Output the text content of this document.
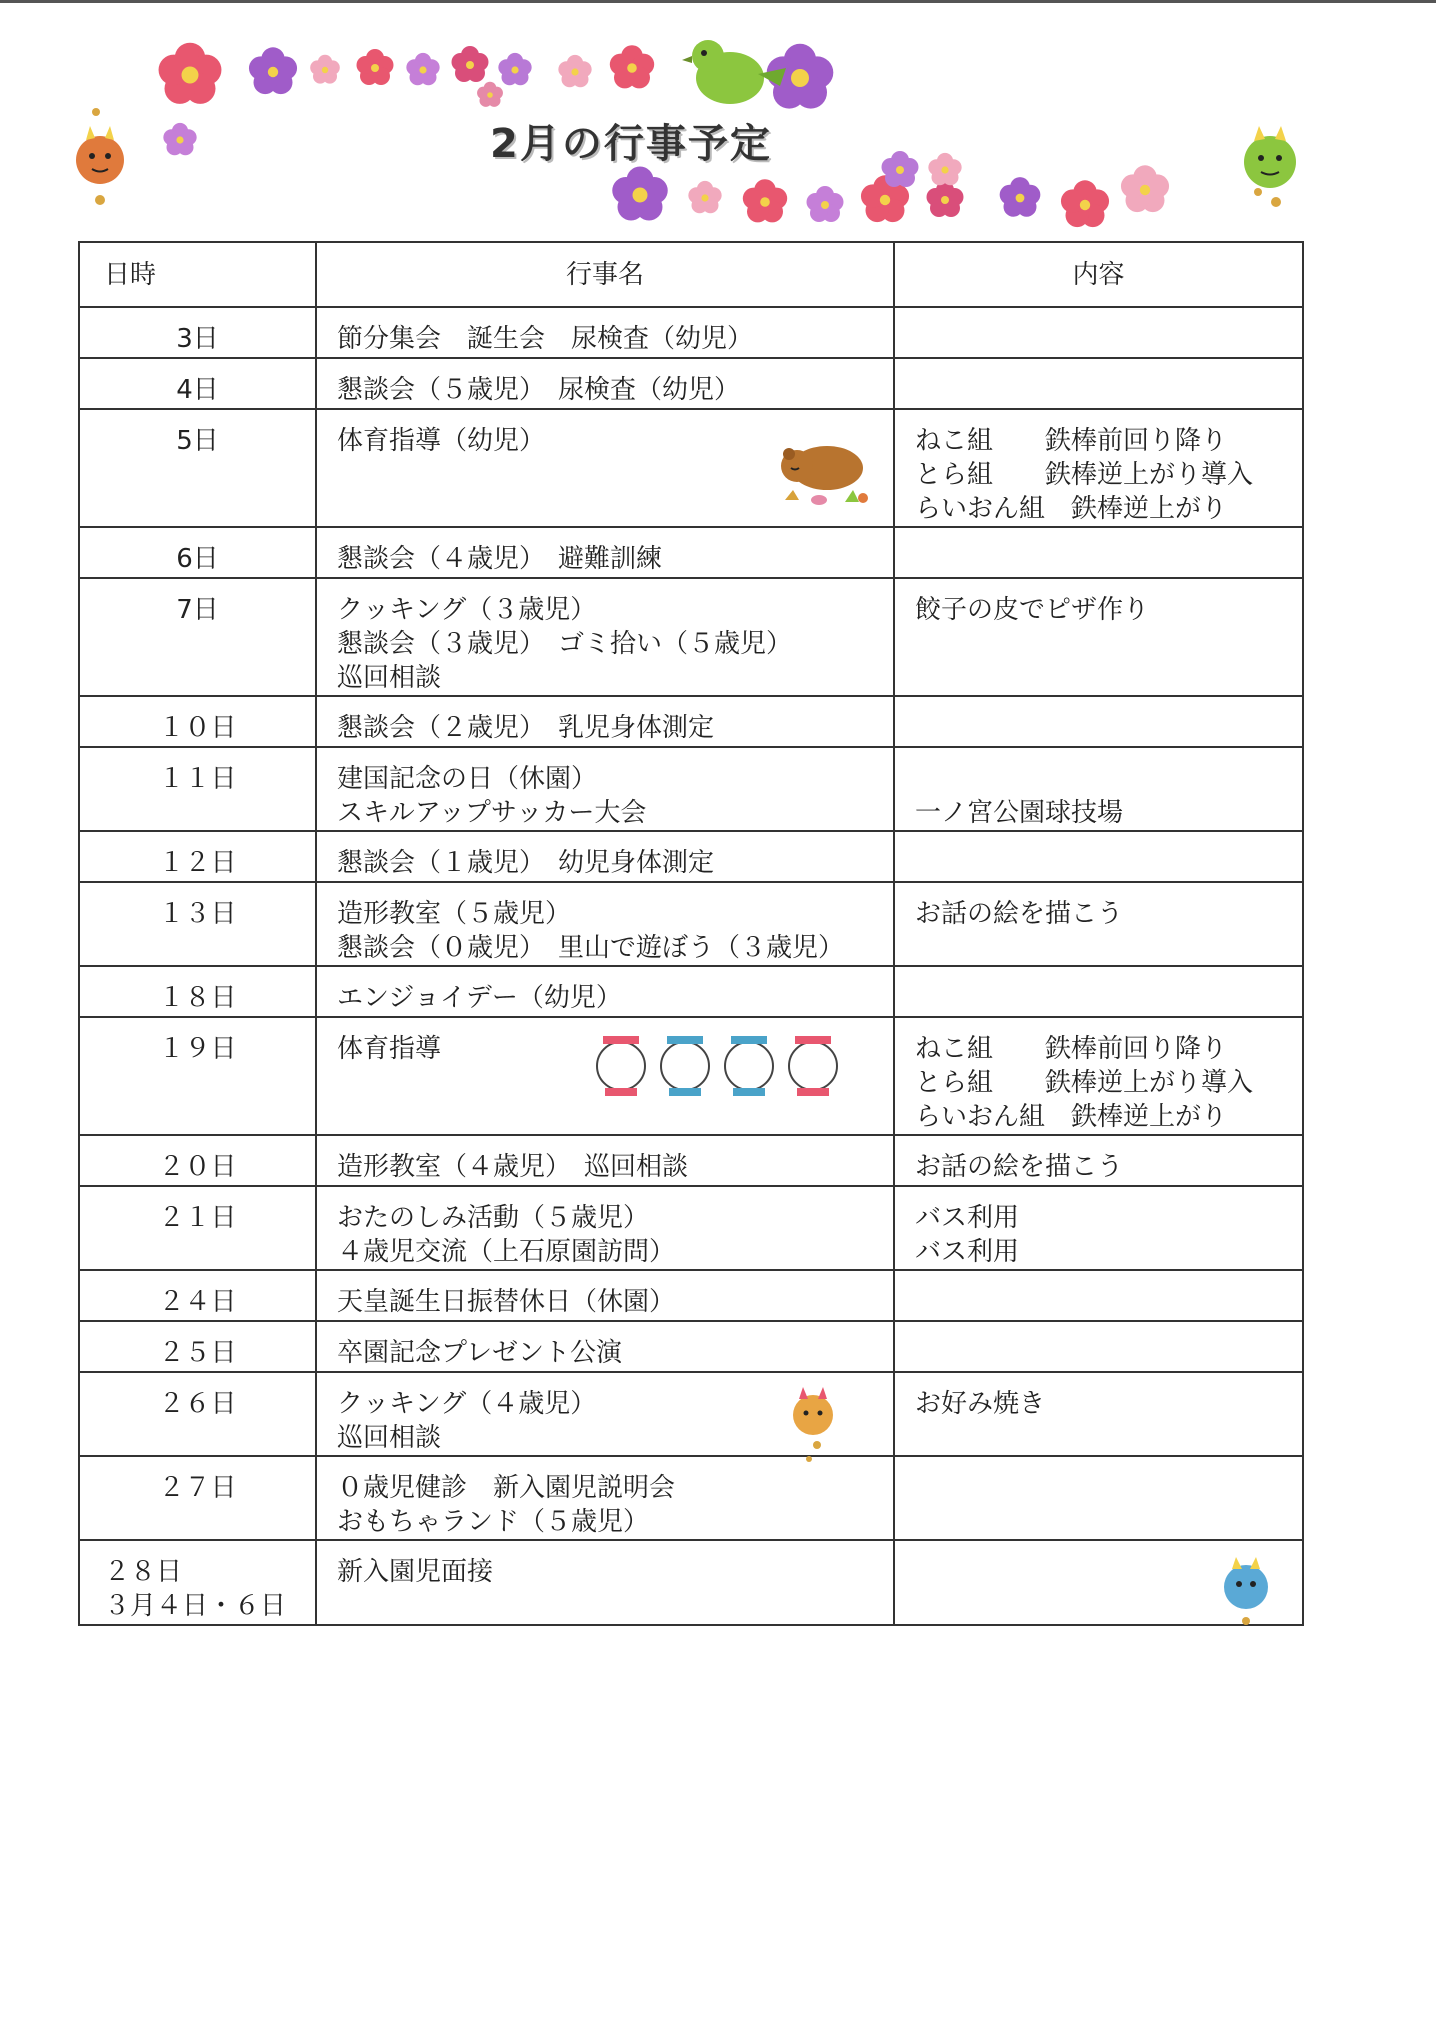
2月の行事予定
日時	行事名	内容

3日	節分集会　誕生会　尿検査（幼児）	

4日	懇談会（５歳児）　尿検査（幼児）	

5日	体育指導（幼児）	ねこ組　　鉄棒前回り降り
とら組　　鉄棒逆上がり導入
らいおん組　鉄棒逆上がり

6日	懇談会（４歳児）　避難訓練	

7日	クッキング（３歳児）
懇談会（３歳児）　ゴミ拾い（５歳児）
巡回相談	餃子の皮でピザ作り

１０日	懇談会（２歳児）　乳児身体測定	

１１日	建国記念の日（休園）
スキルアップサッカー大会	一ノ宮公園球技場

１２日	懇談会（１歳児）　幼児身体測定	

１３日	造形教室（５歳児）
懇談会（０歳児）　里山で遊ぼう（３歳児）	お話の絵を描こう

１８日	エンジョイデー（幼児）	

１９日	体育指導	ねこ組　　鉄棒前回り降り
とら組　　鉄棒逆上がり導入
らいおん組　鉄棒逆上がり

２０日	造形教室（４歳児）　巡回相談	お話の絵を描こう

２１日	おたのしみ活動（５歳児）
４歳児交流（上石原園訪問）	バス利用
バス利用

２４日	天皇誕生日振替休日（休園）	

２５日	卒園記念プレゼント公演	

２６日	クッキング（４歳児）
巡回相談	お好み焼き

２７日	０歳児健診　新入園児説明会
おもちゃランド（５歳児）	

２８日
３月４日・６日	新入園児面接
